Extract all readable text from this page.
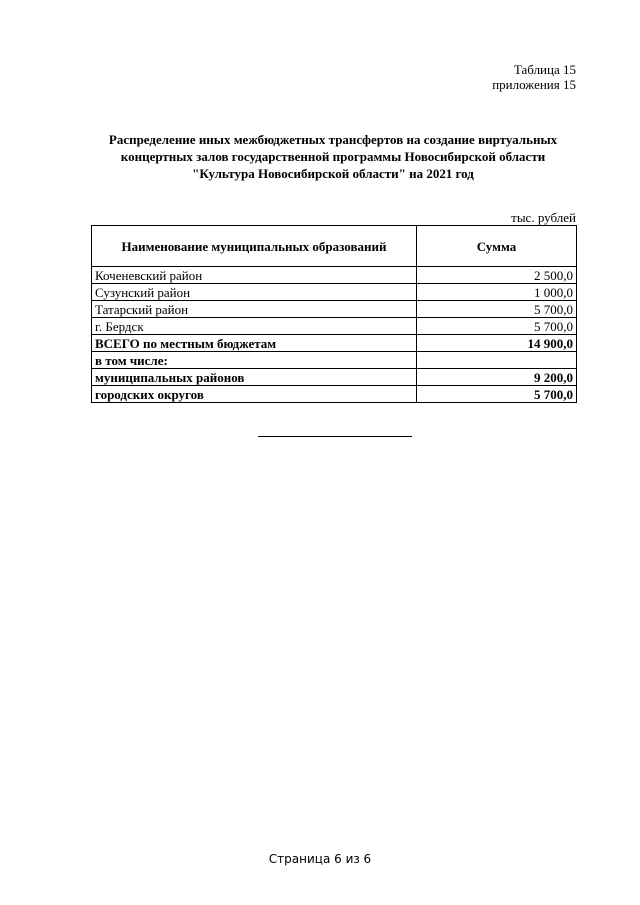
Таблица 15
приложения 15
Распределение иных межбюджетных трансфертов на создание виртуальных
концертных залов государственной программы Новосибирской области
"Культура Новосибирской области" на 2021 год
тыс. рублей
Наименование муниципальных образований	Сумма
Коченевский район	2 500,0
Сузунский район	1 000,0
Татарский район	5 700,0
г. Бердск	5 700,0
ВСЕГО по местным бюджетам	14 900,0
в том числе:	
муниципальных районов	9 200,0
городских округов	5 700,0
Страница 6 из 6
